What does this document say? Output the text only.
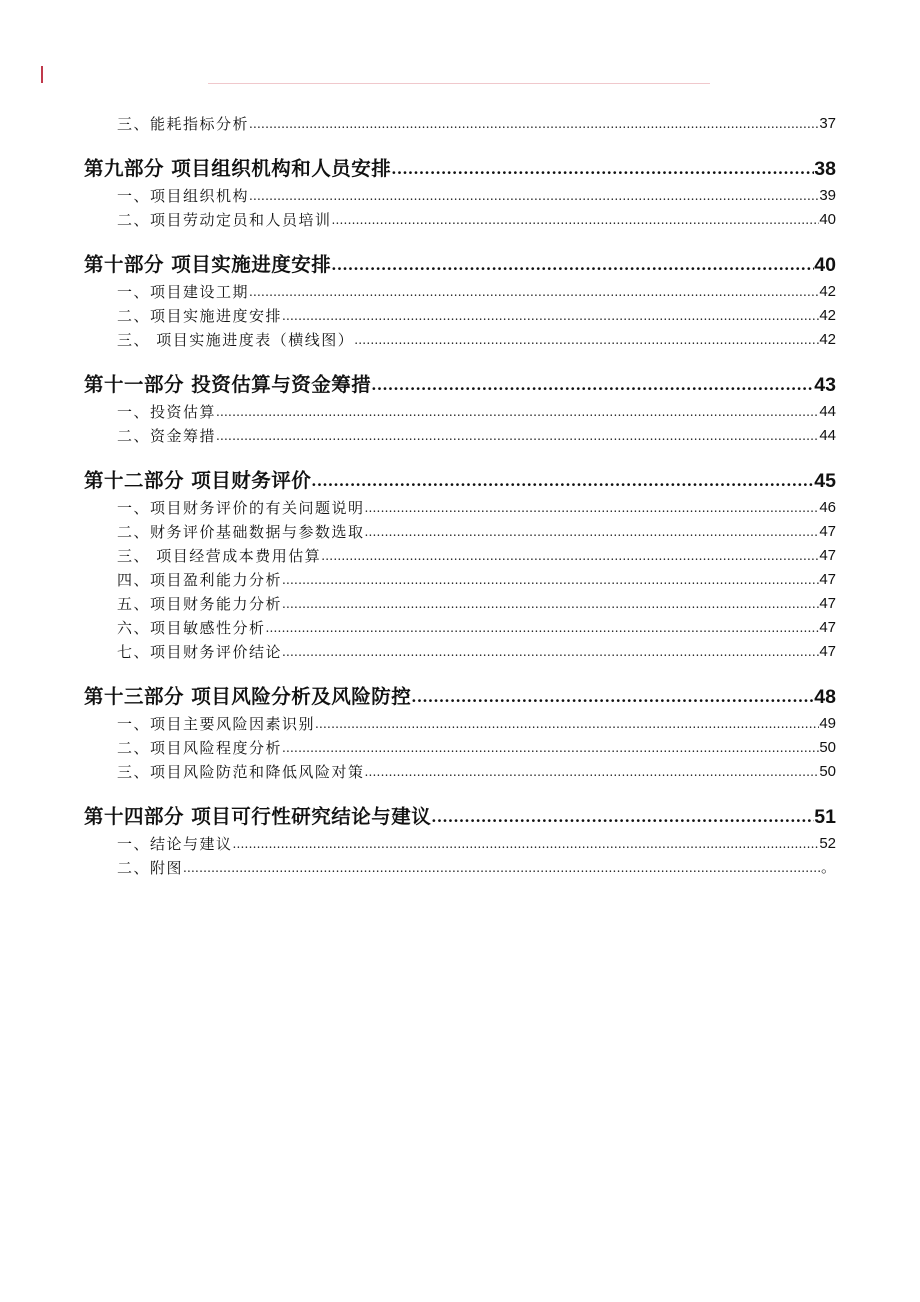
三、能耗指标分析 .....	37
第九部分 项目组织机构和人员安排 .....	38
一、项目组织机构 .....	39
二、项目劳动定员和人员培训 .....	40
第十部分 项目实施进度安排 .....	40
一、项目建设工期 .....	42
二、项目实施进度安排 .....	42
三、 项目实施进度表（横线图） .....	42
第十一部分 投资估算与资金筹措 .....	43
一、投资估算 .....	44
二、资金筹措 .....	44
第十二部分 项目财务评价 .....	45
一、项目财务评价的有关问题说明 .....	46
二、财务评价基础数据与参数选取 .....	47
三、 项目经营成本费用估算 .....	47
四、项目盈利能力分析 .....	47
五、项目财务能力分析 .....	47
六、项目敏感性分析 .....	47
七、项目财务评价结论 .....	47
第十三部分 项目风险分析及风险防控 .....	48
一、项目主要风险因素识别 .....	49
二、项目风险程度分析 .....	50
三、项目风险防范和降低风险对策 .....	50
第十四部分 项目可行性研究结论与建议 .....	51
一、结论与建议 .....	52
二、附图 .....	。
